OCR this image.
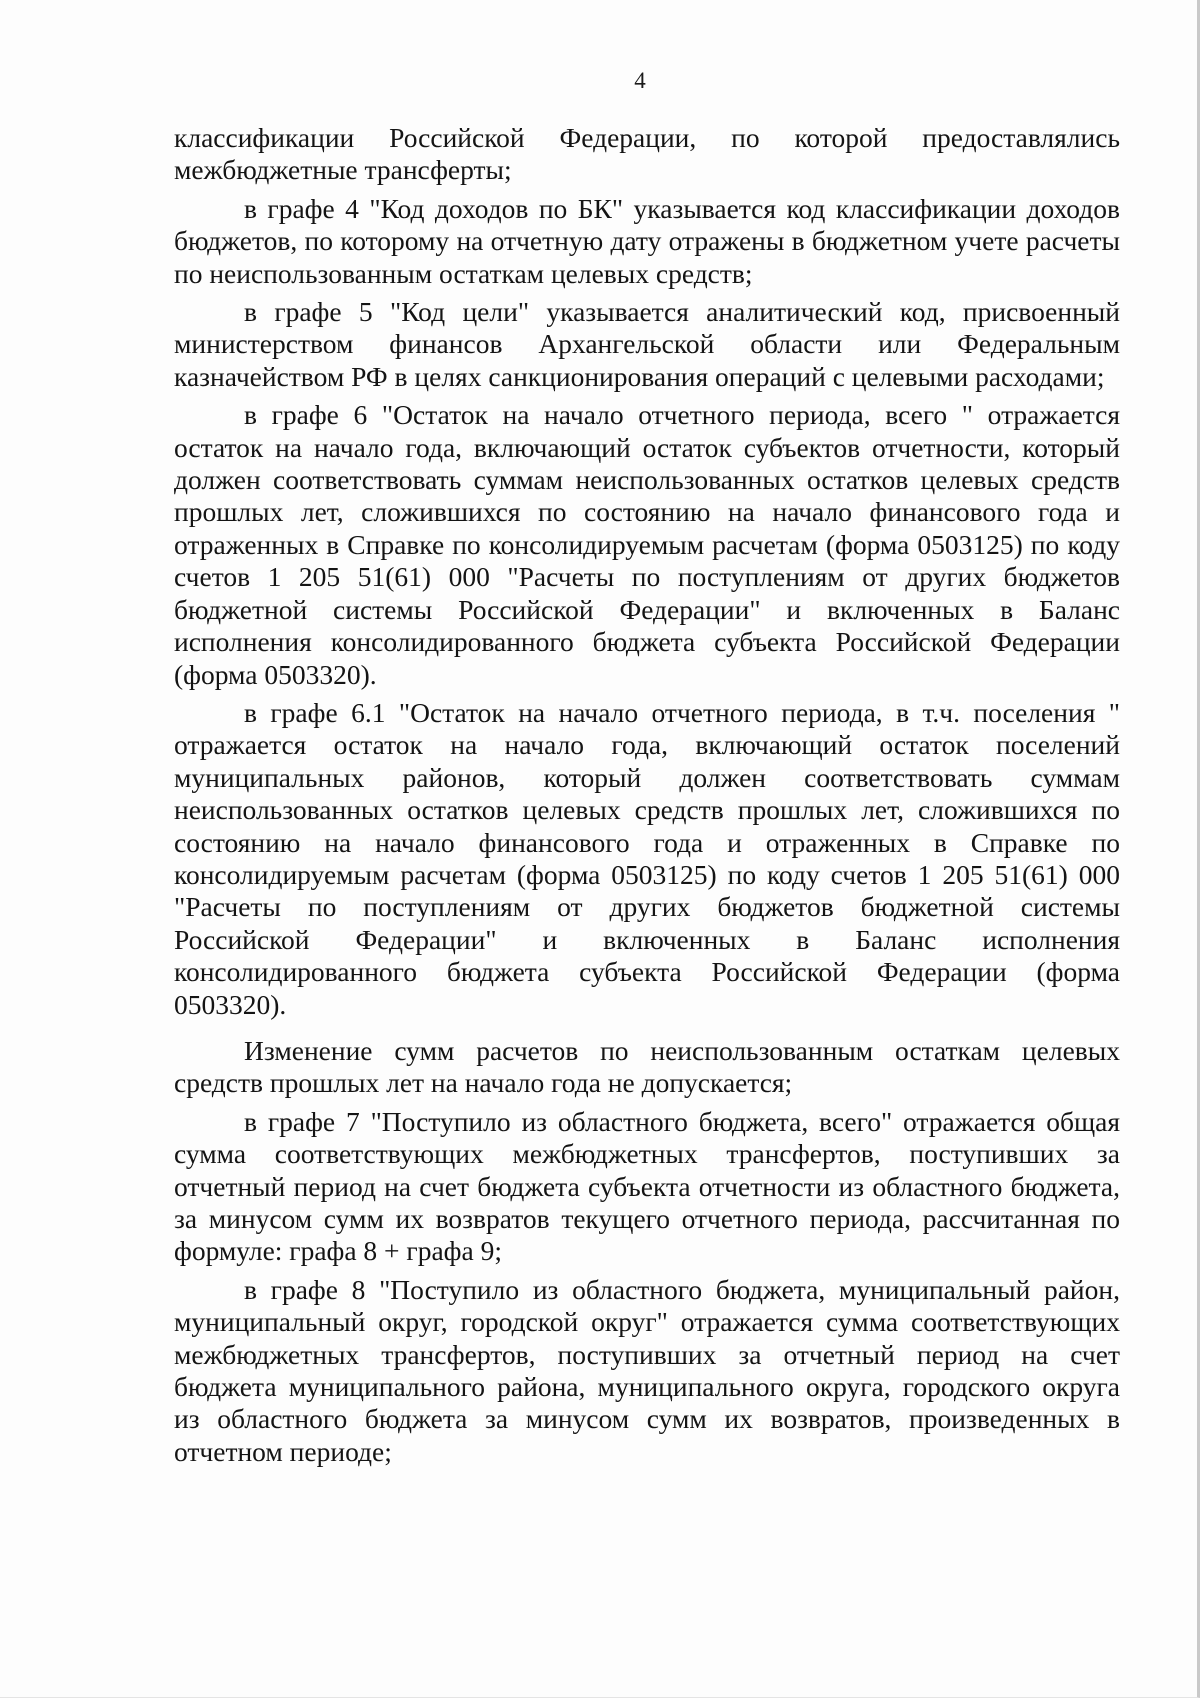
4

классификации Российской Федерации, по которой предоставлялись межбюджетные трансферты;

в графе 4 "Код доходов по БК" указывается код классификации доходов бюджетов, по которому на отчетную дату отражены в бюджетном учете расчеты по неиспользованным остаткам целевых средств;

в графе 5 "Код цели" указывается аналитический код, присвоенный министерством финансов Архангельской области или Федеральным казначейством РФ в целях санкционирования операций с целевыми расходами;

в графе 6 "Остаток на начало отчетного периода, всего " отражается остаток на начало года, включающий остаток субъектов отчетности, который должен соответствовать суммам неиспользованных остатков целевых средств прошлых лет, сложившихся по состоянию на начало финансового года и отраженных в Справке по консолидируемым расчетам (форма 0503125) по коду счетов 1 205 51(61) 000 "Расчеты по поступлениям от других бюджетов бюджетной системы Российской Федерации" и включенных в Баланс исполнения консолидированного бюджета субъекта Российской Федерации (форма 0503320).

в графе 6.1 "Остаток на начало отчетного периода, в т.ч. поселения " отражается остаток на начало года, включающий остаток поселений муниципальных районов, который должен соответствовать суммам неиспользованных остатков целевых средств прошлых лет, сложившихся по состоянию на начало финансового года и отраженных в Справке по консолидируемым расчетам (форма 0503125) по коду счетов 1 205 51(61) 000 "Расчеты по поступлениям от других бюджетов бюджетной системы Российской Федерации" и включенных в Баланс исполнения консолидированного бюджета субъекта Российской Федерации (форма 0503320).

Изменение сумм расчетов по неиспользованным остаткам целевых средств прошлых лет на начало года не допускается;

в графе 7 "Поступило из областного бюджета, всего" отражается общая сумма соответствующих межбюджетных трансфертов, поступивших за отчетный период на счет бюджета субъекта отчетности из областного бюджета, за минусом сумм их возвратов текущего отчетного периода, рассчитанная по формуле: графа 8 + графа 9;

в графе 8 "Поступило из областного бюджета, муниципальный район, муниципальный округ, городской округ" отражается сумма соответствующих межбюджетных трансфертов, поступивших за отчетный период на счет бюджета муниципального района, муниципального округа, городского округа из областного бюджета за минусом сумм их возвратов, произведенных в отчетном периоде;
